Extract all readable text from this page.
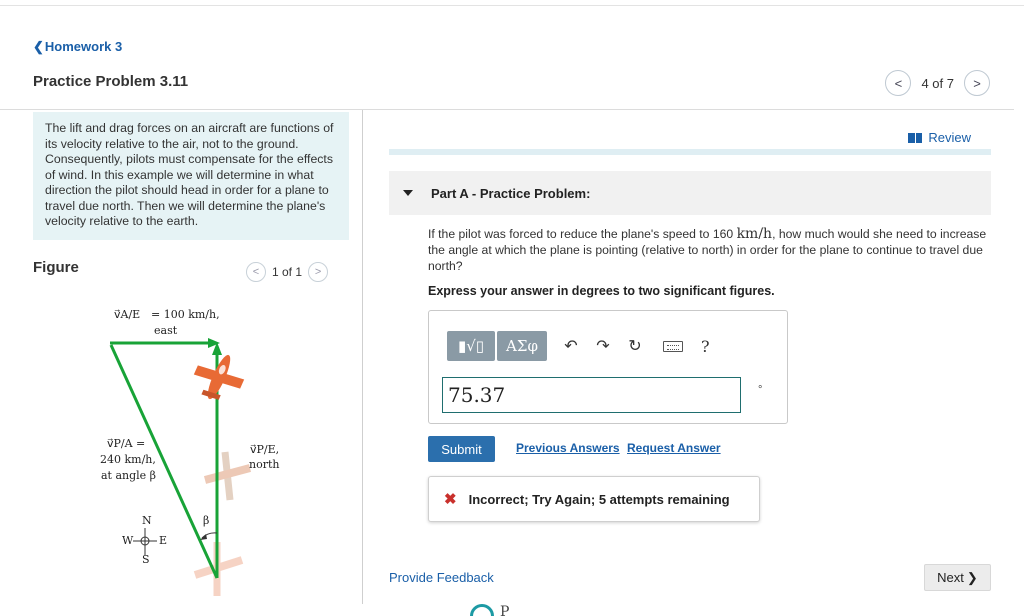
❮Homework 3
Practice Problem 3.11	< 4 of 7 >
The lift and drag forces on an aircraft are functions of its velocity relative to the air, not to the ground. Consequently, pilots must compensate for the effects of wind. In this example we will determine in what direction the pilot should head in order for a plane to travel due north. Then we will determine the plane's velocity relative to the earth.
Figure	< 1 of 1 >
v⃗A/E = 100 km/h,
east
v⃗P/A =
240 km/h,
at angle β
v⃗P/E,
north
β
N
S
E
W
Review
Part A - Practice Problem:
If the pilot was forced to reduce the plane's speed to 160 km/h, how much would she need to increase the angle at which the plane is pointing (relative to north) in order for the plane to continue to travel due north?
Express your answer in degrees to two significant figures.
▮√▯ ΑΣφ ↶ ↷ ↻	?
75.37
°
Submit	Previous Answers Request Answer
✖ Incorrect; Try Again; 5 attempts remaining
Provide Feedback	Next ❯
P
